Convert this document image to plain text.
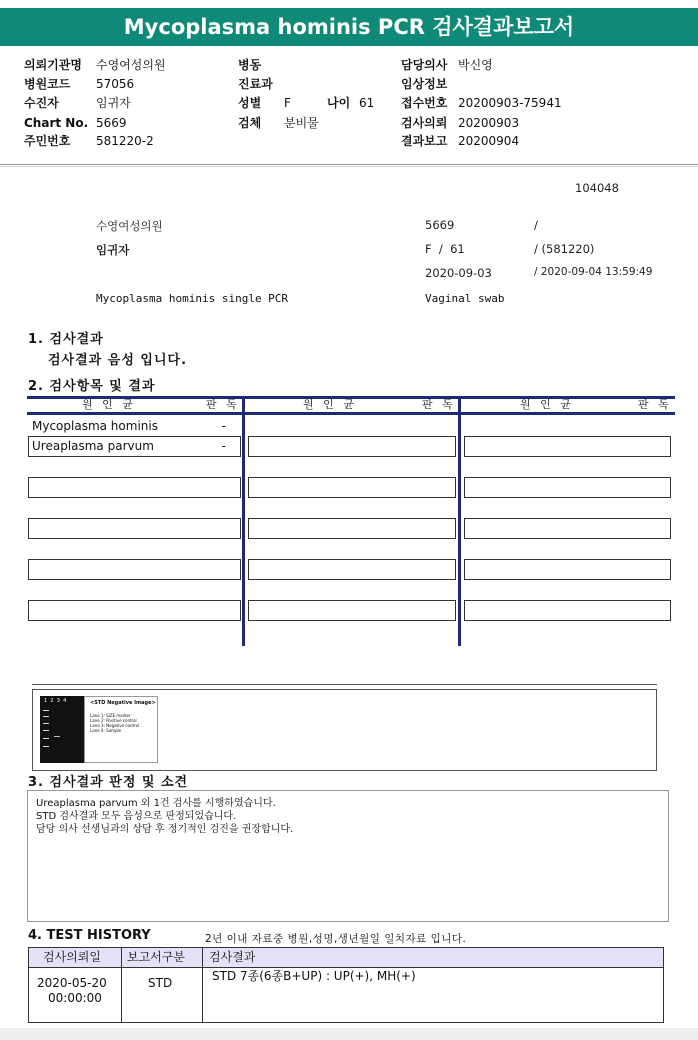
Mycoplasma hominis PCR 검사결과보고서
의뢰기관명 수영여성의원
병원코드 57056
수진자	임귀자
Chart No. 5669
주민번호 581220-2
병동
진료과
성별 F	나이 61
검체 분비물
담당의사 박신영
임상정보
접수번호 20200903-75941
검사의뢰 20200903
결과보고 20200904
104048
수영여성의원	5669	/
임귀자	F  /  61	/ (581220)
2020-09-03	/ 2020-09-04 13:59:49
Mycoplasma hominis single PCR	Vaginal swab
1. 검사결과
검사결과 음성 입니다.
2. 검사항목 및 결과
원 인 균	판 독	원 인 균	판 독	원 인 균	판 독
Mycoplasma hominis	-
Ureaplasma parvum	-
1  2  3  4	<STD Negative Image>
Lane 1: SIZE marker
Lane 2: Positive control
Lane 3: Negative control
Lane 4: Sample
3. 검사결과 판정 및 소견
Ureaplasma parvum 외 1건 검사를 시행하였습니다.
STD 검사결과 모두 음성으로 판정되었습니다.
담당 의사 선생님과의 상담 후 정기적인 검진을 권장합니다.
4. TEST HISTORY	2년 이내 자료중 병원,성명,생년월일 일치자료 입니다.
검사의뢰일 보고서구분 검사결과
2020-05-20
00:00:00
STD	STD 7종(6종B+UP) : UP(+), MH(+)
